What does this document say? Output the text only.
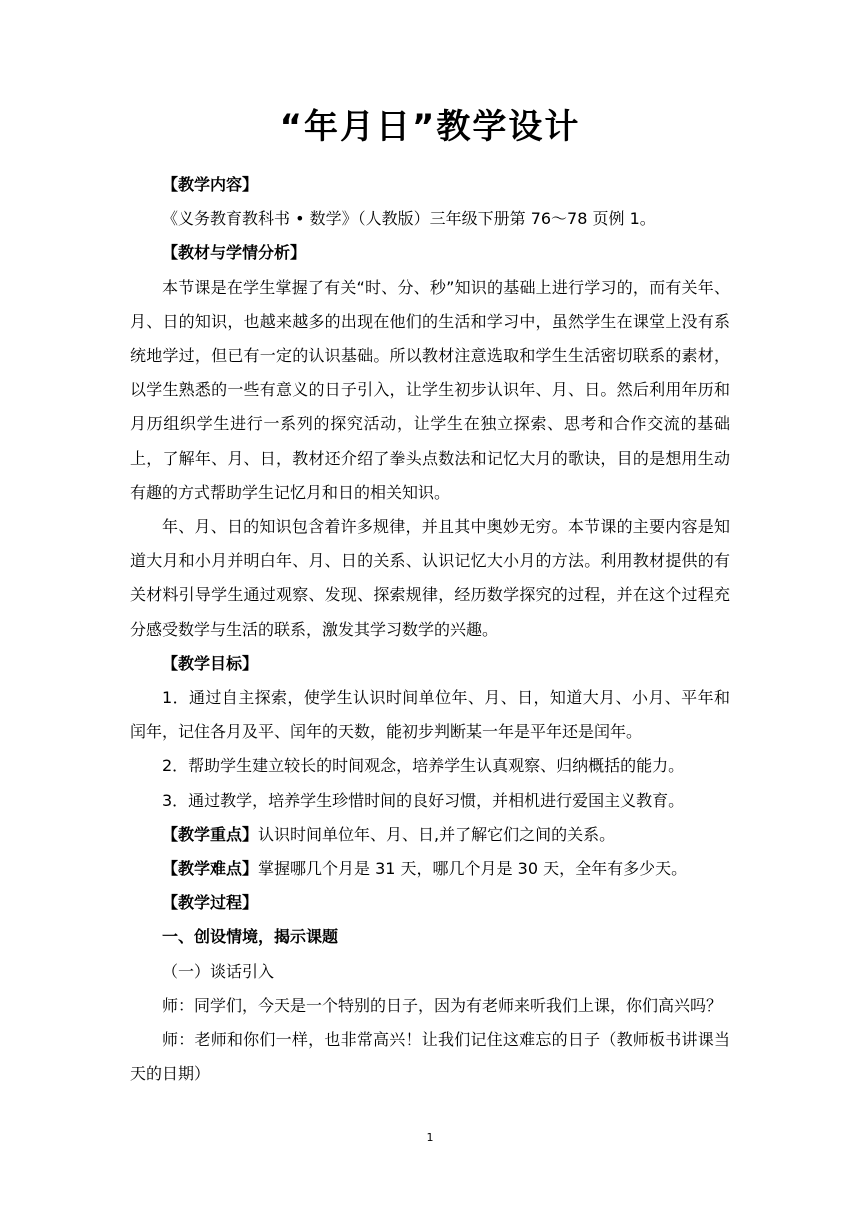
“年月日”教学设计

【教学内容】

《义务教育教科书 • 数学》（人教版）三年级下册第 76～78 页例 1。

【教材与学情分析】

本节课是在学生掌握了有关“时、分、秒”知识的基础上进行学习的，而有关年、月、日的知识，也越来越多的出现在他们的生活和学习中，虽然学生在课堂上没有系统地学过，但已有一定的认识基础。所以教材注意选取和学生生活密切联系的素材，以学生熟悉的一些有意义的日子引入，让学生初步认识年、月、日。然后利用年历和月历组织学生进行一系列的探究活动，让学生在独立探索、思考和合作交流的基础上，了解年、月、日，教材还介绍了拳头点数法和记忆大月的歌诀，目的是想用生动有趣的方式帮助学生记忆月和日的相关知识。

年、月、日的知识包含着许多规律，并且其中奥妙无穷。本节课的主要内容是知道大月和小月并明白年、月、日的关系、认识记忆大小月的方法。利用教材提供的有关材料引导学生通过观察、发现、探索规律，经历数学探究的过程，并在这个过程充分感受数学与生活的联系，激发其学习数学的兴趣。

【教学目标】

1．通过自主探索，使学生认识时间单位年、月、日，知道大月、小月、平年和闰年，记住各月及平、闰年的天数，能初步判断某一年是平年还是闰年。

2．帮助学生建立较长的时间观念，培养学生认真观察、归纳概括的能力。

3．通过教学，培养学生珍惜时间的良好习惯，并相机进行爱国主义教育。

【教学重点】认识时间单位年、月、日,并了解它们之间的关系。

【教学难点】掌握哪几个月是 31 天，哪几个月是 30 天，全年有多少天。

【教学过程】

一、创设情境，揭示课题

（一）谈话引入

师：同学们，今天是一个特别的日子，因为有老师来听我们上课，你们高兴吗？

师：老师和你们一样，也非常高兴！让我们记住这难忘的日子（教师板书讲课当天的日期）

1
